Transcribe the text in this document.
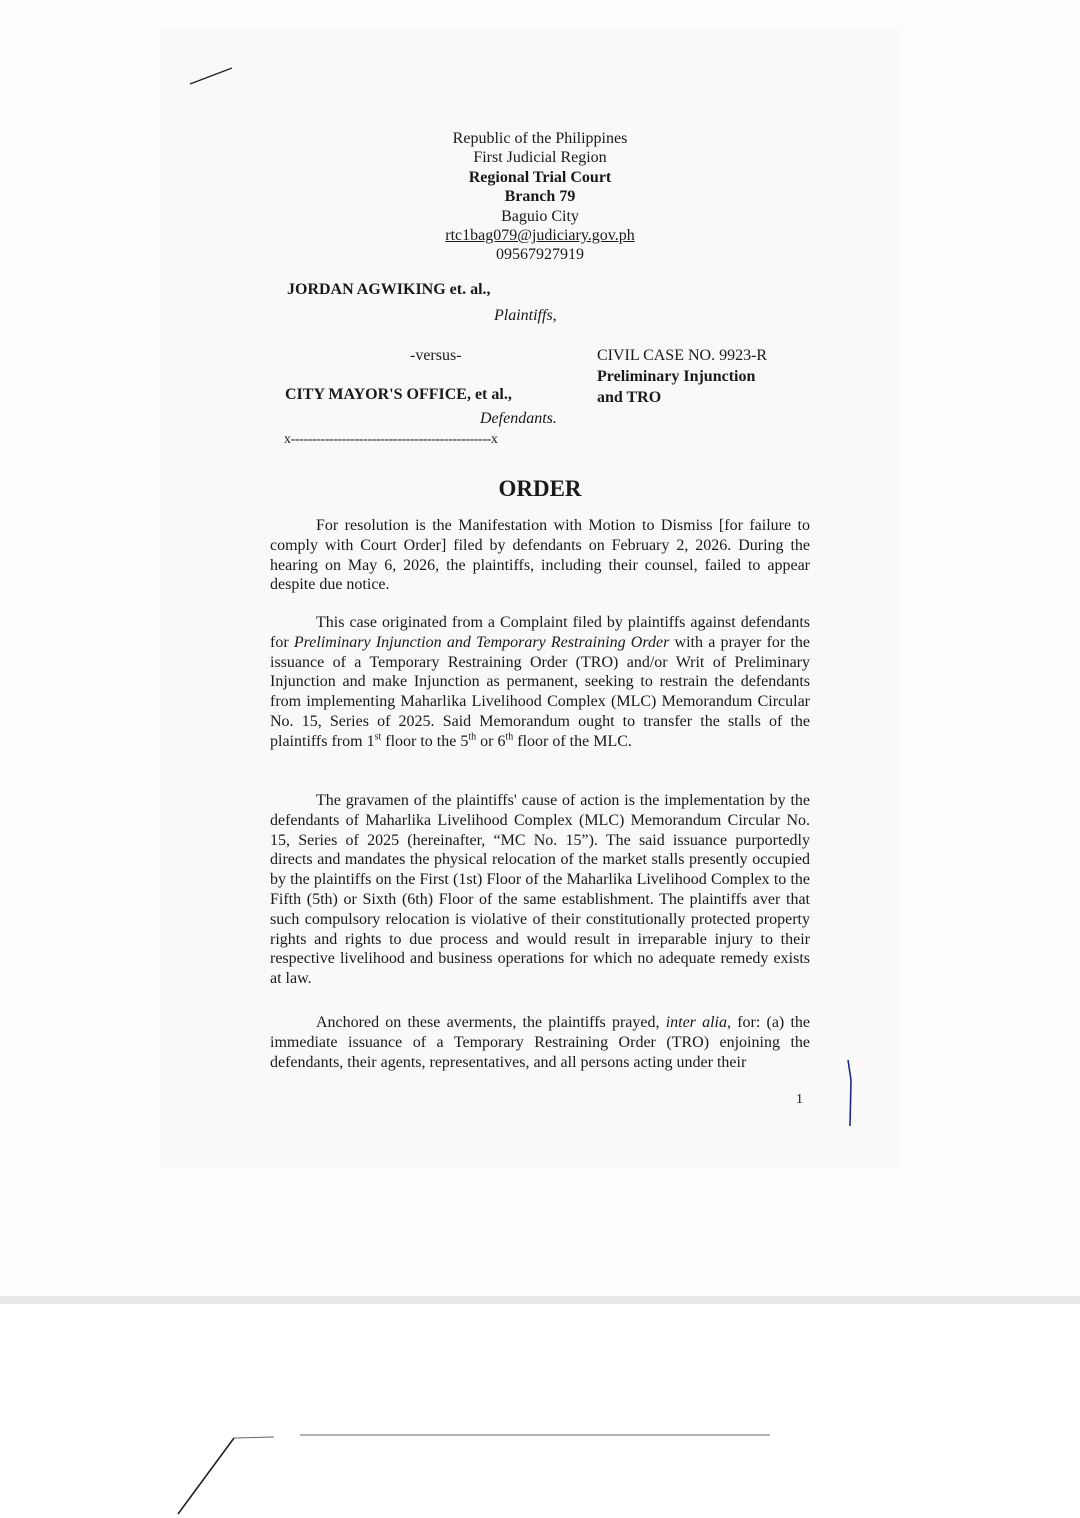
Republic of the Philippines
First Judicial Region
Regional Trial Court
Branch 79
Baguio City
rtc1bag079@judiciary.gov.ph
09567927919
JORDAN AGWIKING et. al.,
Plaintiffs,
-versus-
CITY MAYOR'S OFFICE, et al.,
Defendants.
x-----------------------------------------------x
CIVIL CASE NO. 9923-R
Preliminary Injunction
and TRO
ORDER

For resolution is the Manifestation with Motion to Dismiss [for failure to comply with Court Order] filed by defendants on February 2, 2026. During the hearing on May 6, 2026, the plaintiffs, including their counsel, failed to appear despite due notice.

This case originated from a Complaint filed by plaintiffs against defendants for Preliminary Injunction and Temporary Restraining Order with a prayer for the issuance of a Temporary Restraining Order (TRO) and/or Writ of Preliminary Injunction and make Injunction as permanent, seeking to restrain the defendants from implementing Maharlika Livelihood Complex (MLC) Memorandum Circular No. 15, Series of 2025. Said Memorandum ought to transfer the stalls of the plaintiffs from 1st floor to the 5th or 6th floor of the MLC.

The gravamen of the plaintiffs' cause of action is the implementation by the defendants of Maharlika Livelihood Complex (MLC) Memorandum Circular No. 15, Series of 2025 (hereinafter, “MC No. 15”). The said issuance purportedly directs and mandates the physical relocation of the market stalls presently occupied by the plaintiffs on the First (1st) Floor of the Maharlika Livelihood Complex to the Fifth (5th) or Sixth (6th) Floor of the same establishment. The plaintiffs aver that such compulsory relocation is violative of their constitutionally protected property rights and rights to due process and would result in irreparable injury to their respective livelihood and business operations for which no adequate remedy exists at law.

Anchored on these averments, the plaintiffs prayed, inter alia, for: (a) the immediate issuance of a Temporary Restraining Order (TRO) enjoining the defendants, their agents, representatives, and all persons acting under their

1
